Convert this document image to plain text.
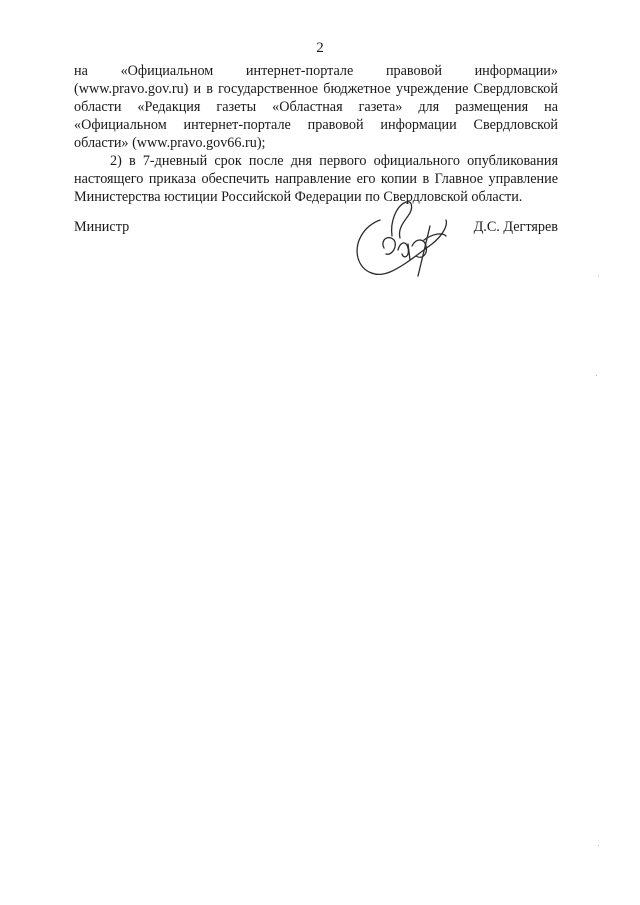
2

на «Официальном интернет-портале правовой информации» (www.pravo.gov.ru) и в государственное бюджетное учреждение Свердловской области «Редакция газеты «Областная газета» для размещения на «Официальном интернет-портале правовой информации Свердловской области» (www.pravo.gov66.ru);

2) в 7-дневный срок после дня первого официального опубликования настоящего приказа обеспечить направление его копии в Главное управление Министерства юстиции Российской Федерации по Свердловской области.

Министр	Д.С. Дегтярев
